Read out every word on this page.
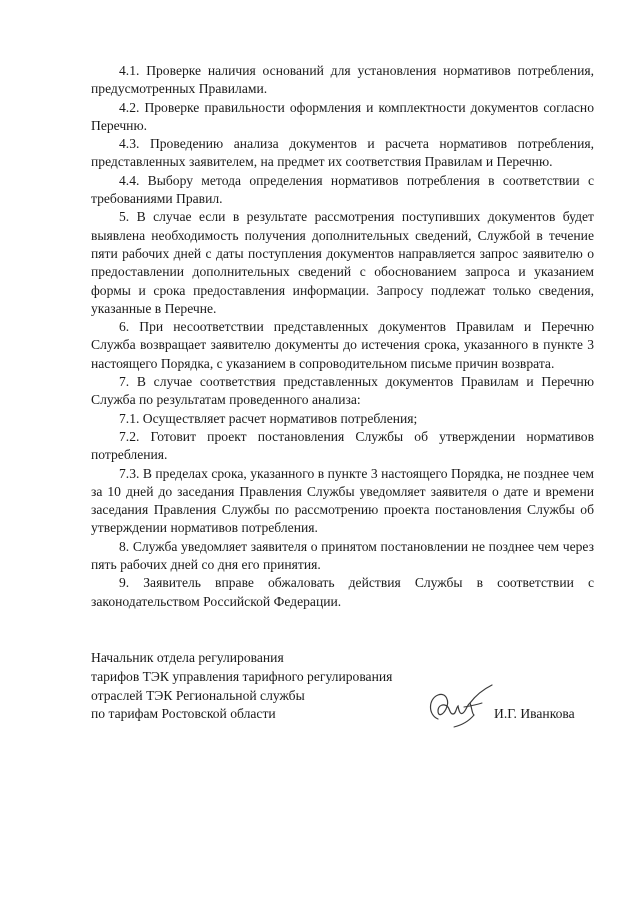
4.1. Проверке наличия оснований для установления нормативов потребления, предусмотренных Правилами.

4.2. Проверке правильности оформления и комплектности документов согласно Перечню.

4.3. Проведению анализа документов и расчета нормативов потребления, представленных заявителем, на предмет их соответствия Правилам и Перечню.

4.4. Выбору метода определения нормативов потребления в соответствии с требованиями Правил.

5. В случае если в результате рассмотрения поступивших документов будет выявлена необходимость получения дополнительных сведений, Службой в течение пяти рабочих дней с даты поступления документов направляется запрос заявителю о предоставлении дополнительных сведений с обоснованием запроса и указанием формы и срока предоставления информации. Запросу подлежат только сведения, указанные в Перечне.

6. При несоответствии представленных документов Правилам и Перечню Служба возвращает заявителю документы до истечения срока, указанного в пункте 3 настоящего Порядка, с указанием в сопроводительном письме причин возврата.

7. В случае соответствия представленных документов Правилам и Перечню Служба по результатам проведенного анализа:

7.1. Осуществляет расчет нормативов потребления;

7.2. Готовит проект постановления Службы об утверждении нормативов потребления.

7.3. В пределах срока, указанного в пункте 3 настоящего Порядка, не позднее чем за 10 дней до заседания Правления Службы уведомляет заявителя о дате и времени заседания Правления Службы по рассмотрению проекта постановления Службы об утверждении нормативов потребления.

8. Служба уведомляет заявителя о принятом постановлении не позднее чем через пять рабочих дней со дня его принятия.

9. Заявитель вправе обжаловать действия Службы в соответствии с законодательством Российской Федерации.

Начальник отдела регулирования
тарифов ТЭК управления тарифного регулирования
отраслей ТЭК Региональной службы
по тарифам Ростовской области	И.Г. Иванкова
